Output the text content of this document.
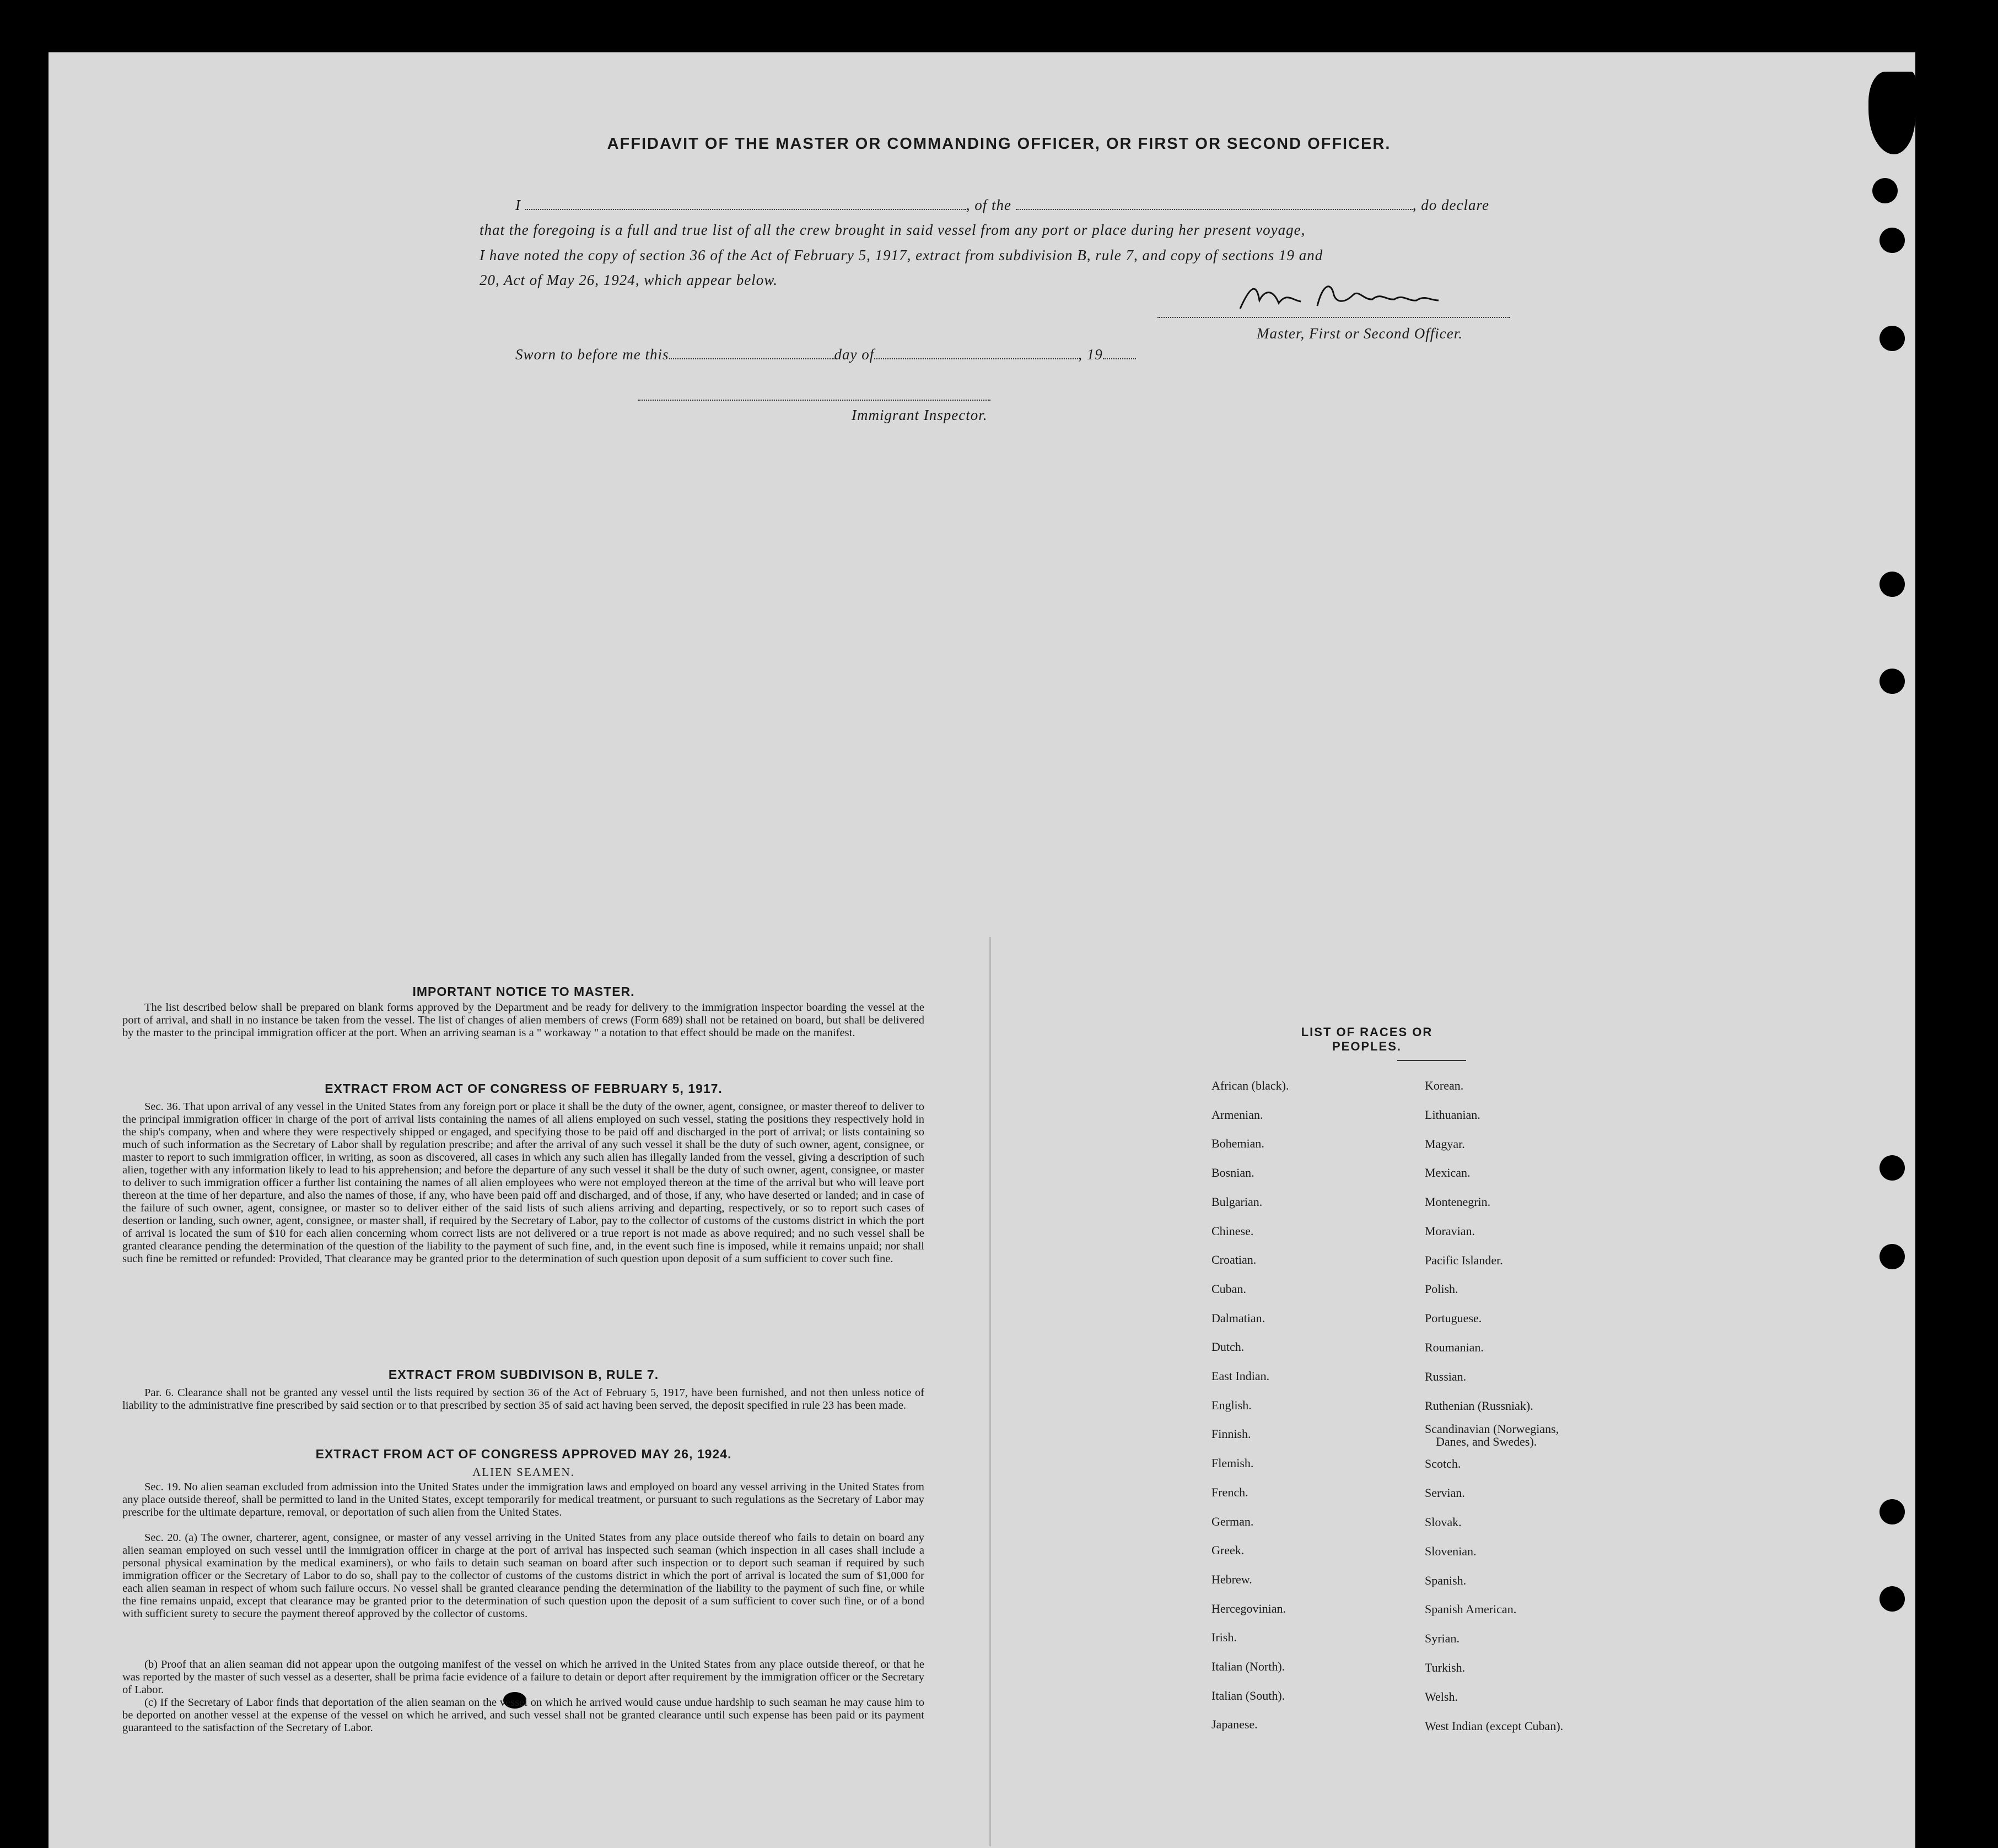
AFFIDAVIT OF THE MASTER OR COMMANDING OFFICER, OR FIRST OR SECOND OFFICER.
I	, of the	, do declare
that the foregoing is a full and true list of all the crew brought in said vessel from any port or place during her present voyage,
I have noted the copy of section 36 of the Act of February 5, 1917, extract from subdivision B, rule 7, and copy of sections 19 and
20, Act of May 26, 1924, which appear below.
Master, First or Second Officer.
Sworn to before me this	day of	, 19
Immigrant Inspector.
IMPORTANT NOTICE TO MASTER.
The list described below shall be prepared on blank forms approved by the Department and be ready for delivery to the immigration inspector boarding the vessel at the port of arrival, and shall in no instance be taken from the vessel. The list of changes of alien members of crews (Form 689) shall not be retained on board, but shall be delivered by the master to the principal immigration officer at the port. When an arriving seaman is a " workaway " a notation to that effect should be made on the manifest.
EXTRACT FROM ACT OF CONGRESS OF FEBRUARY 5, 1917.
Sec. 36. That upon arrival of any vessel in the United States from any foreign port or place it shall be the duty of the owner, agent, consignee, or master thereof to deliver to the principal immigration officer in charge of the port of arrival lists containing the names of all aliens employed on such vessel, stating the positions they respectively hold in the ship's company, when and where they were respectively shipped or engaged, and specifying those to be paid off and discharged in the port of arrival; or lists containing so much of such information as the Secretary of Labor shall by regulation prescribe; and after the arrival of any such vessel it shall be the duty of such owner, agent, consignee, or master to report to such immigration officer, in writing, as soon as discovered, all cases in which any such alien has illegally landed from the vessel, giving a description of such alien, together with any information likely to lead to his apprehension; and before the departure of any such vessel it shall be the duty of such owner, agent, consignee, or master to deliver to such immigration officer a further list containing the names of all alien employees who were not employed thereon at the time of the arrival but who will leave port thereon at the time of her departure, and also the names of those, if any, who have been paid off and discharged, and of those, if any, who have deserted or landed; and in case of the failure of such owner, agent, consignee, or master so to deliver either of the said lists of such aliens arriving and departing, respectively, or so to report such cases of desertion or landing, such owner, agent, consignee, or master shall, if required by the Secretary of Labor, pay to the collector of customs of the customs district in which the port of arrival is located the sum of $10 for each alien concerning whom correct lists are not delivered or a true report is not made as above required; and no such vessel shall be granted clearance pending the determination of the question of the liability to the payment of such fine, and, in the event such fine is imposed, while it remains unpaid; nor shall such fine be remitted or refunded: Provided, That clearance may be granted prior to the determination of such question upon deposit of a sum sufficient to cover such fine.
EXTRACT FROM SUBDIVISON B, RULE 7.
Par. 6. Clearance shall not be granted any vessel until the lists required by section 36 of the Act of February 5, 1917, have been furnished, and not then unless notice of liability to the administrative fine prescribed by said section or to that prescribed by section 35 of said act having been served, the deposit specified in rule 23 has been made.
EXTRACT FROM ACT OF CONGRESS APPROVED MAY 26, 1924.
ALIEN SEAMEN.
Sec. 19. No alien seaman excluded from admission into the United States under the immigration laws and employed on board any vessel arriving in the United States from any place outside thereof, shall be permitted to land in the United States, except temporarily for medical treatment, or pursuant to such regulations as the Secretary of Labor may prescribe for the ultimate departure, removal, or deportation of such alien from the United States.
Sec. 20. (a) The owner, charterer, agent, consignee, or master of any vessel arriving in the United States from any place outside thereof who fails to detain on board any alien seaman employed on such vessel until the immigration officer in charge at the port of arrival has inspected such seaman (which inspection in all cases shall include a personal physical examination by the medical examiners), or who fails to detain such seaman on board after such inspection or to deport such seaman if required by such immigration officer or the Secretary of Labor to do so, shall pay to the collector of customs of the customs district in which the port of arrival is located the sum of $1,000 for each alien seaman in respect of whom such failure occurs. No vessel shall be granted clearance pending the determination of the liability to the payment of such fine, or while the fine remains unpaid, except that clearance may be granted prior to the determination of such question upon the deposit of a sum sufficient to cover such fine, or of a bond with sufficient surety to secure the payment thereof approved by the collector of customs.
(b) Proof that an alien seaman did not appear upon the outgoing manifest of the vessel on which he arrived in the United States from any place outside thereof, or that he was reported by the master of such vessel as a deserter, shall be prima facie evidence of a failure to detain or deport after requirement by the immigration officer or the Secretary of Labor.
(c) If the Secretary of Labor finds that deportation of the alien seaman on the vessel on which he arrived would cause undue hardship to such seaman he may cause him to be deported on another vessel at the expense of the vessel on which he arrived, and such vessel shall not be granted clearance until such expense has been paid or its payment guaranteed to the satisfaction of the Secretary of Labor.
LIST OF RACES OR PEOPLES.
African (black).
Armenian.
Bohemian.
Bosnian.
Bulgarian.
Chinese.
Croatian.
Cuban.
Dalmatian.
Dutch.
East Indian.
English.
Finnish.
Flemish.
French.
German.
Greek.
Hebrew.
Hercegovinian.
Irish.
Italian (North).
Italian (South).
Japanese.
Korean.
Lithuanian.
Magyar.
Mexican.
Montenegrin.
Moravian.
Pacific Islander.
Polish.
Portuguese.
Roumanian.
Russian.
Ruthenian (Russniak).
Scandinavian (Norwegians,
Danes, and Swedes).
Scotch.
Servian.
Slovak.
Slovenian.
Spanish.
Spanish American.
Syrian.
Turkish.
Welsh.
West Indian (except Cuban).
